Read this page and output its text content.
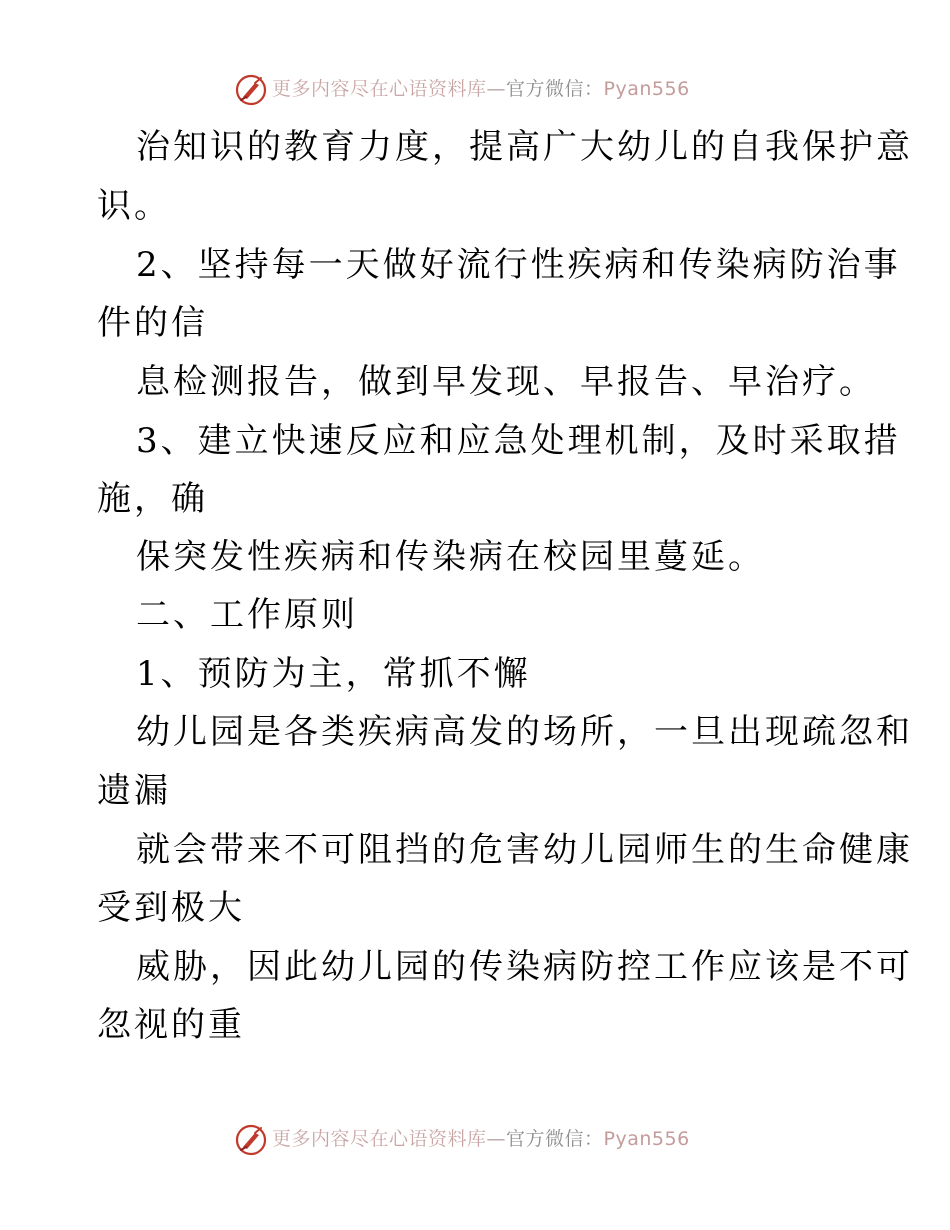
更多内容尽在心语资料库—官方微信：Pyan556
治知识的教育力度，提高广大幼儿的自我保护意
识。
2、坚持每一天做好流行性疾病和传染病防治事
件的信
息检测报告，做到早发现、早报告、早治疗。
3、建立快速反应和应急处理机制，及时采取措
施，确
保突发性疾病和传染病在校园里蔓延。
二、工作原则
1、预防为主，常抓不懈
幼儿园是各类疾病高发的场所，一旦出现疏忽和
遗漏
就会带来不可阻挡的危害幼儿园师生的生命健康
受到极大
威胁，因此幼儿园的传染病防控工作应该是不可
忽视的重
更多内容尽在心语资料库—官方微信：Pyan556
